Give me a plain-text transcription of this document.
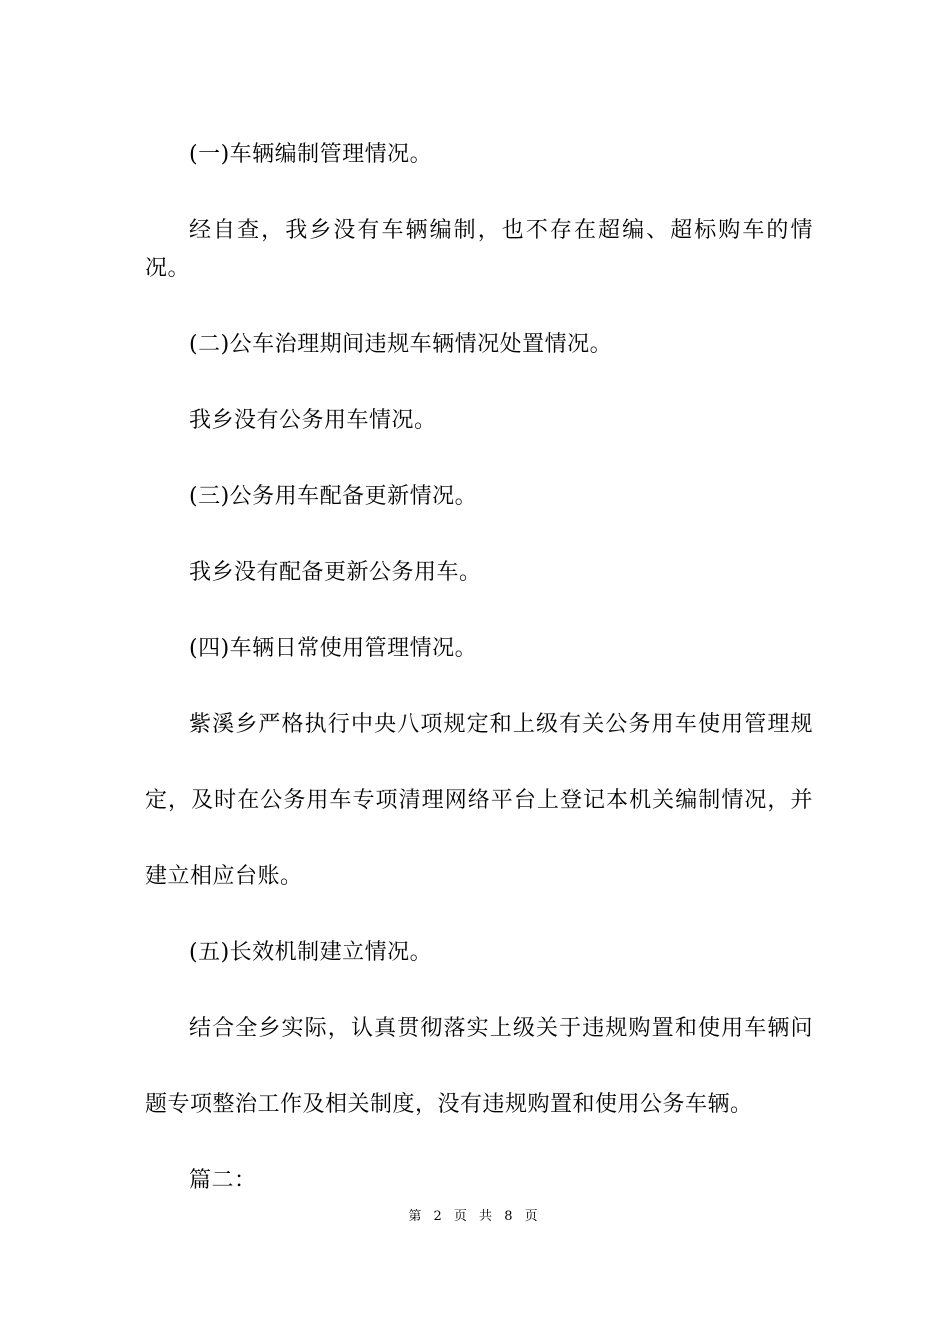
(一)车辆编制管理情况。

经自查，我乡没有车辆编制，也不存在超编、超标购车的情况。

(二)公车治理期间违规车辆情况处置情况。

我乡没有公务用车情况。

(三)公务用车配备更新情况。

我乡没有配备更新公务用车。

(四)车辆日常使用管理情况。

紫溪乡严格执行中央八项规定和上级有关公务用车使用管理规定，及时在公务用车专项清理网络平台上登记本机关编制情况，并建立相应台账。

(五)长效机制建立情况。

结合全乡实际，认真贯彻落实上级关于违规购置和使用车辆问题专项整治工作及相关制度，没有违规购置和使用公务车辆。

篇二：

第 2 页 共 8 页
